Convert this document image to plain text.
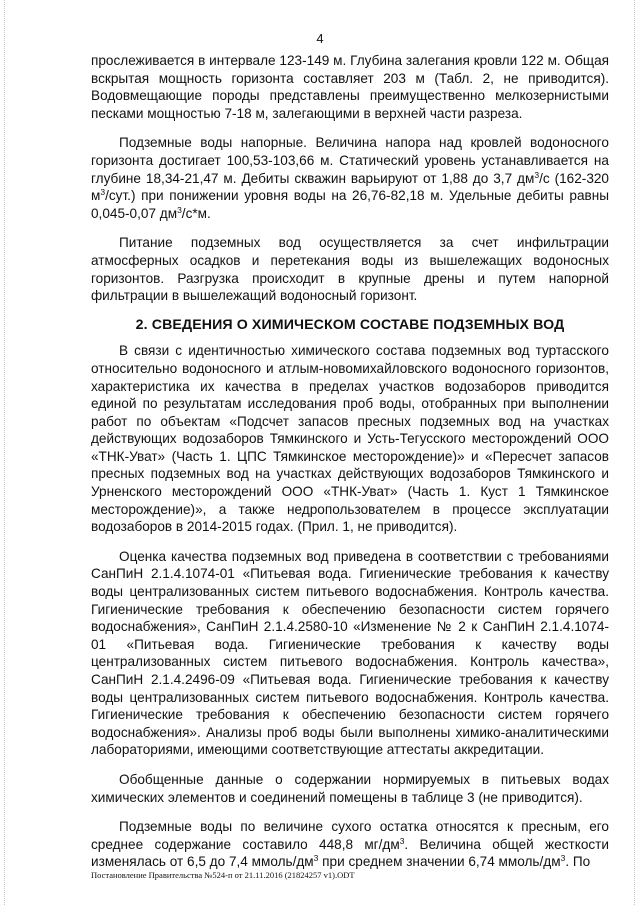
4

прослеживается в интервале 123-149 м. Глубина залегания кровли 122 м. Общая вскрытая мощность горизонта составляет 203 м (Табл. 2, не приводится). Водовмещающие породы представлены преимущественно мелкозернистыми песками мощностью 7-18 м, залегающими в верхней части разреза.

Подземные воды напорные. Величина напора над кровлей водоносного горизонта достигает 100,53-103,66 м. Статический уровень устанавливается на глубине 18,34-21,47 м. Дебиты скважин варьируют от 1,88 до 3,7 $дм^3/с$ (162-320 $м^3/сут$.) при понижении уровня воды на 26,76-82,18 м. Удельные дебиты равны 0,045-0,07 $дм^3/с*м$.

Питание подземных вод осуществляется за счет инфильтрации атмосферных осадков и перетекания воды из вышележащих водоносных горизонтов. Разгрузка происходит в крупные дрены и путем напорной фильтрации в вышележащий водоносный горизонт.

2. СВЕДЕНИЯ О ХИМИЧЕСКОМ СОСТАВЕ ПОДЗЕМНЫХ ВОД

В связи с идентичностью химического состава подземных вод туртасского относительно водоносного и атлым-новомихайловского водоносного горизонтов, характеристика их качества в пределах участков водозаборов приводится единой по результатам исследования проб воды, отобранных при выполнении работ по объектам «Подсчет запасов пресных подземных вод на участках действующих водозаборов Тямкинского и Усть-Тегусского месторождений ООО «ТНК-Уват» (Часть 1. ЦПС Тямкинское месторождение)» и «Пересчет запасов пресных подземных вод на участках действующих водозаборов Тямкинского и Урненского месторождений ООО «ТНК-Уват» (Часть 1. Куст 1 Тямкинское месторождение)», а также недропользователем в процессе эксплуатации водозаборов в 2014-2015 годах. (Прил. 1, не приводится).

Оценка качества подземных вод приведена в соответствии с требованиями СанПиН 2.1.4.1074-01 «Питьевая вода. Гигиенические требования к качеству воды централизованных систем питьевого водоснабжения. Контроль качества. Гигиенические требования к обеспечению безопасности систем горячего водоснабжения», СанПиН 2.1.4.2580-10 «Изменение № 2 к СанПиН 2.1.4.1074-01 «Питьевая вода. Гигиенические требования к качеству воды централизованных систем питьевого водоснабжения. Контроль качества», СанПиН 2.1.4.2496-09 «Питьевая вода. Гигиенические требования к качеству воды централизованных систем питьевого водоснабжения. Контроль качества. Гигиенические требования к обеспечению безопасности систем горячего водоснабжения». Анализы проб воды были выполнены химико-аналитическими лабораториями, имеющими соответствующие аттестаты аккредитации.

Обобщенные данные о содержании нормируемых в питьевых водах химических элементов и соединений помещены в таблице 3 (не приводится).

Подземные воды по величине сухого остатка относятся к пресным, его среднее содержание составило 448,8 $мг/дм^3$. Величина общей жесткости изменялась от 6,5 до 7,4 ммоль/$дм^3$ при среднем значении 6,74 ммоль/$дм^3$. По

Постановление Правительства №524-п от 21.11.2016 (21824257 v1).ODT
